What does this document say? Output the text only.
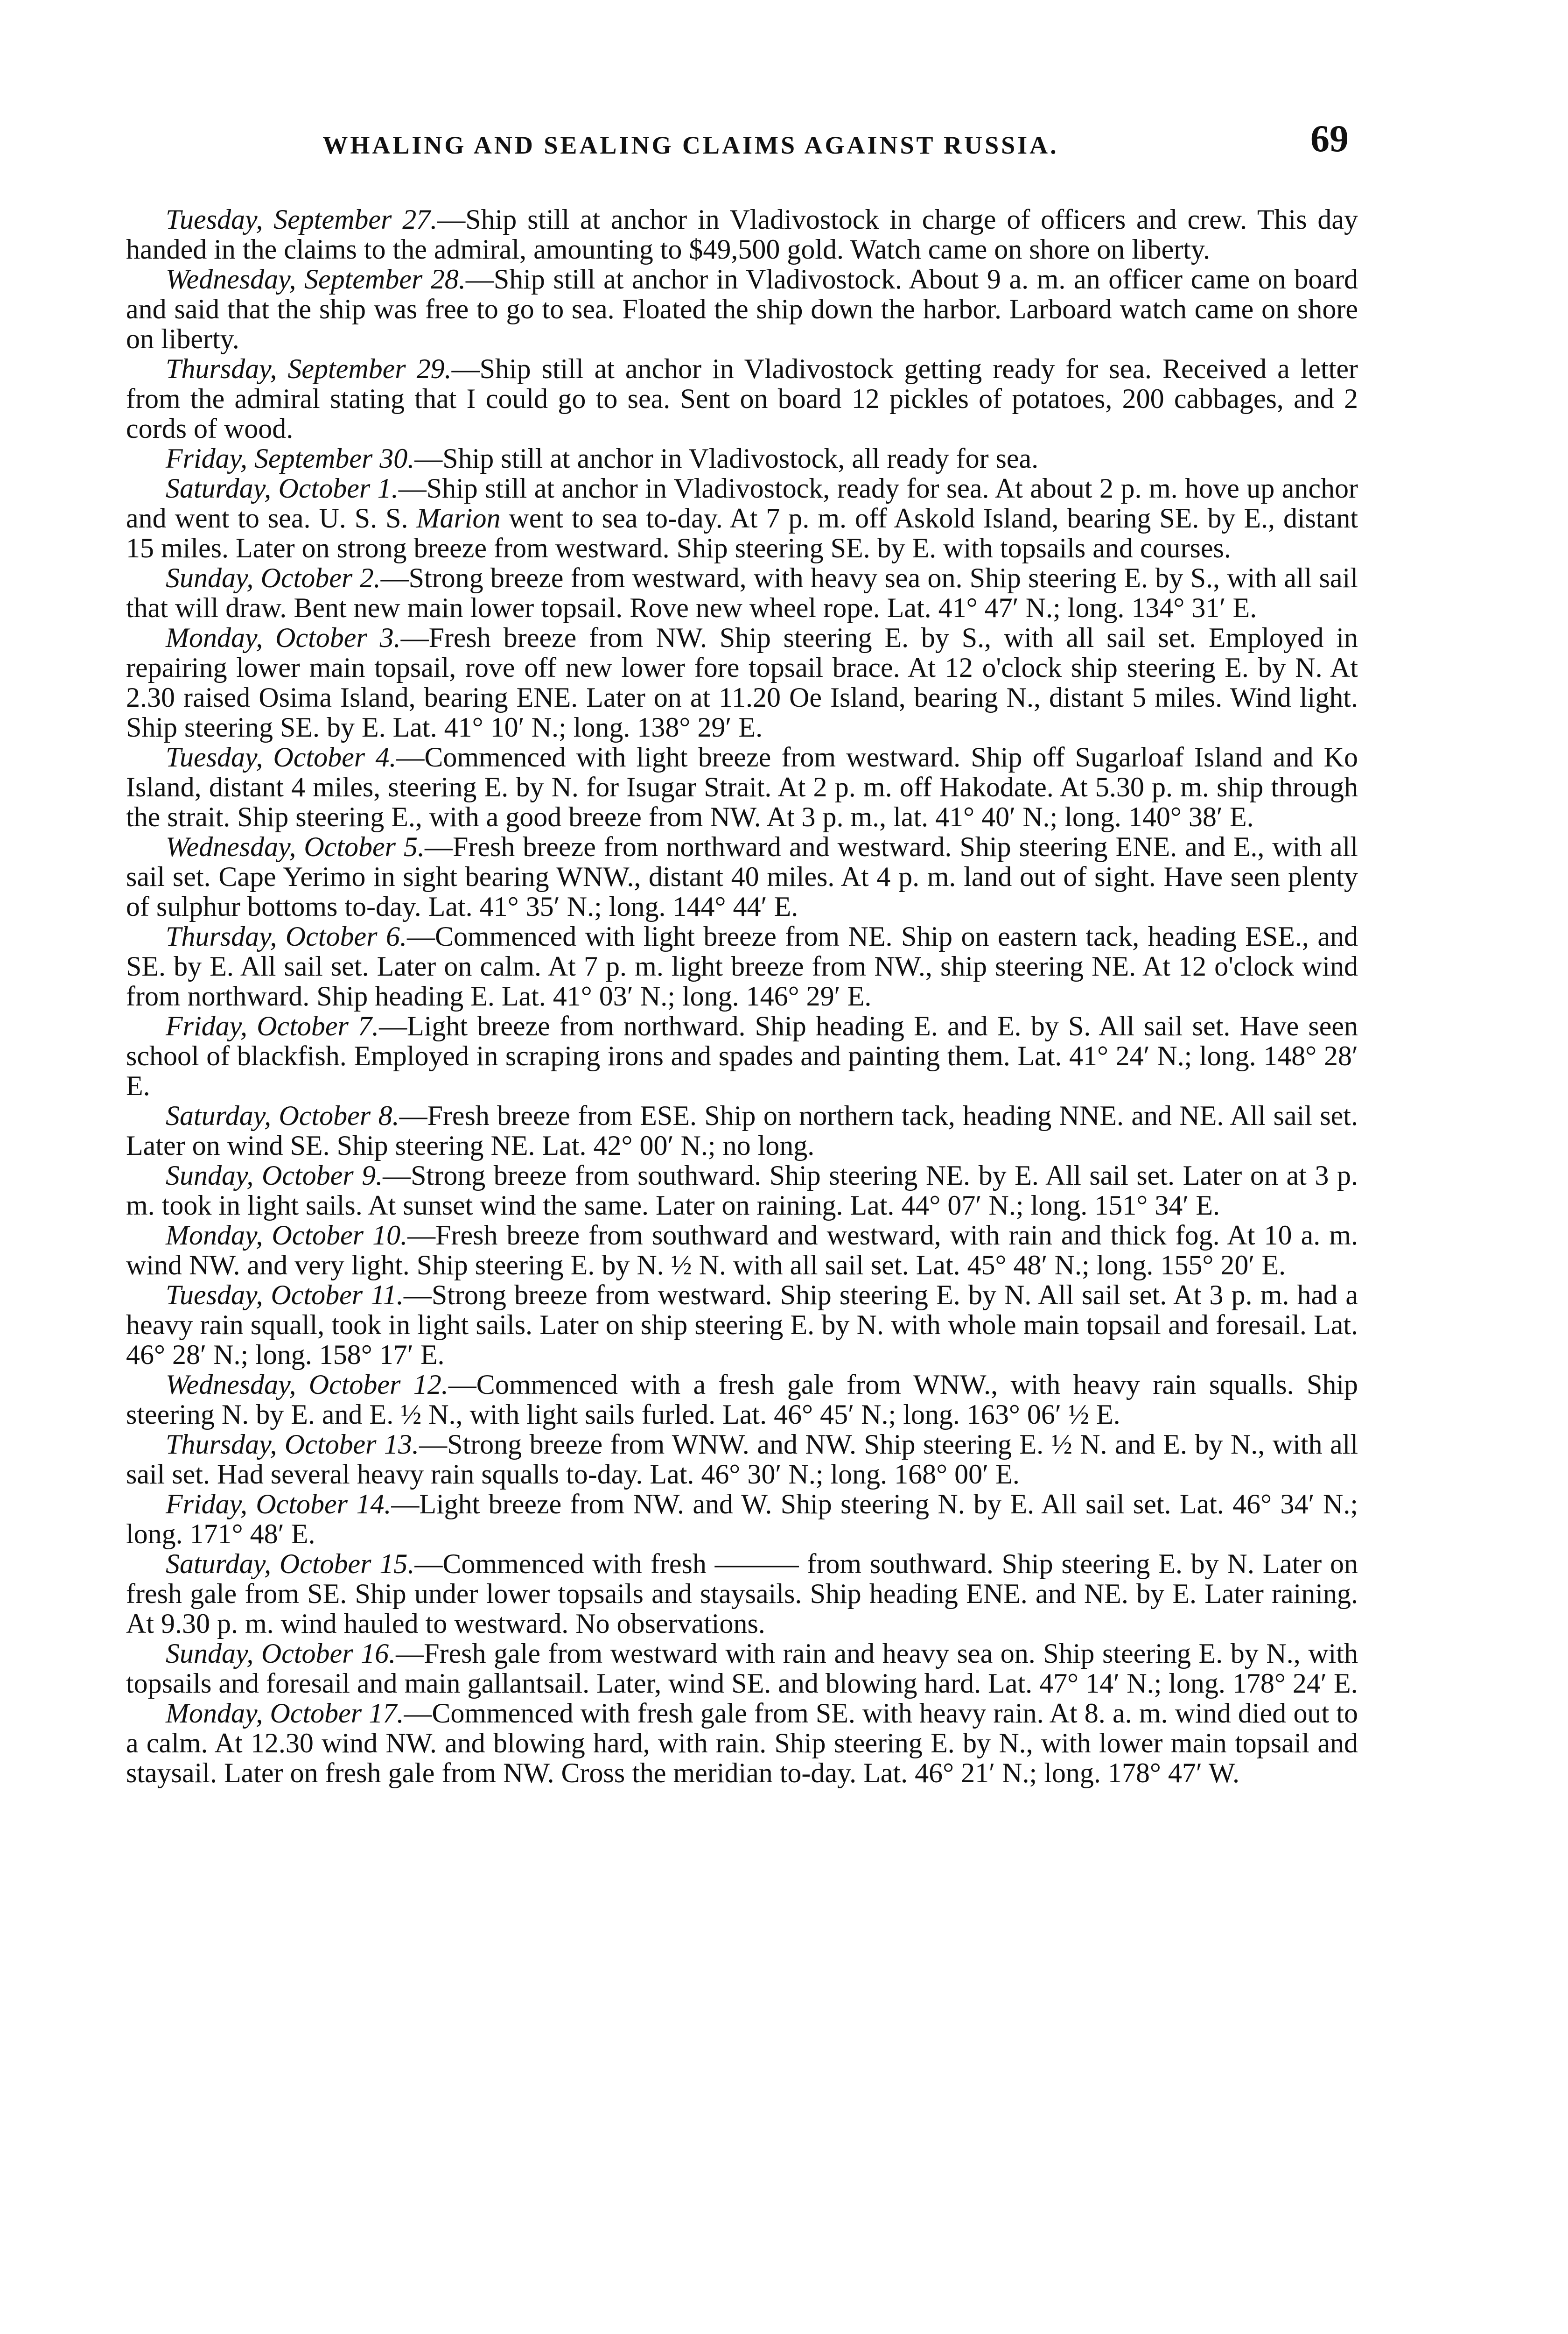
WHALING AND SEALING CLAIMS AGAINST RUSSIA.	69

Tuesday, September 27.—Ship still at anchor in Vladivostock in charge of officers and crew. This day handed in the claims to the admiral, amounting to $49,500 gold. Watch came on shore on liberty.

Wednesday, September 28.—Ship still at anchor in Vladivostock. About 9 a. m. an officer came on board and said that the ship was free to go to sea. Floated the ship down the harbor. Larboard watch came on shore on liberty.

Thursday, September 29.—Ship still at anchor in Vladivostock getting ready for sea. Received a letter from the admiral stating that I could go to sea. Sent on board 12 pickles of potatoes, 200 cabbages, and 2 cords of wood.

Friday, September 30.—Ship still at anchor in Vladivostock, all ready for sea.

Saturday, October 1.—Ship still at anchor in Vladivostock, ready for sea. At about 2 p. m. hove up anchor and went to sea. U. S. S. Marion went to sea to-day. At 7 p. m. off Askold Island, bearing SE. by E., distant 15 miles. Later on strong breeze from westward. Ship steering SE. by E. with topsails and courses.

Sunday, October 2.—Strong breeze from westward, with heavy sea on. Ship steering E. by S., with all sail that will draw. Bent new main lower topsail. Rove new wheel rope. Lat. 41° 47′ N.; long. 134° 31′ E.

Monday, October 3.—Fresh breeze from NW. Ship steering E. by S., with all sail set. Employed in repairing lower main topsail, rove off new lower fore topsail brace. At 12 o'clock ship steering E. by N. At 2.30 raised Osima Island, bearing ENE. Later on at 11.20 Oe Island, bearing N., distant 5 miles. Wind light. Ship steering SE. by E. Lat. 41° 10′ N.; long. 138° 29′ E.

Tuesday, October 4.—Commenced with light breeze from westward. Ship off Sugarloaf Island and Ko Island, distant 4 miles, steering E. by N. for Isugar Strait. At 2 p. m. off Hakodate. At 5.30 p. m. ship through the strait. Ship steering E., with a good breeze from NW. At 3 p. m., lat. 41° 40′ N.; long. 140° 38′ E.

Wednesday, October 5.—Fresh breeze from northward and westward. Ship steering ENE. and E., with all sail set. Cape Yerimo in sight bearing WNW., distant 40 miles. At 4 p. m. land out of sight. Have seen plenty of sulphur bottoms to-day. Lat. 41° 35′ N.; long. 144° 44′ E.

Thursday, October 6.—Commenced with light breeze from NE. Ship on eastern tack, heading ESE., and SE. by E. All sail set. Later on calm. At 7 p. m. light breeze from NW., ship steering NE. At 12 o'clock wind from northward. Ship heading E. Lat. 41° 03′ N.; long. 146° 29′ E.

Friday, October 7.—Light breeze from northward. Ship heading E. and E. by S. All sail set. Have seen school of blackfish. Employed in scraping irons and spades and painting them. Lat. 41° 24′ N.; long. 148° 28′ E.

Saturday, October 8.—Fresh breeze from ESE. Ship on northern tack, heading NNE. and NE. All sail set. Later on wind SE. Ship steering NE. Lat. 42° 00′ N.; no long.

Sunday, October 9.—Strong breeze from southward. Ship steering NE. by E. All sail set. Later on at 3 p. m. took in light sails. At sunset wind the same. Later on raining. Lat. 44° 07′ N.; long. 151° 34′ E.

Monday, October 10.—Fresh breeze from southward and westward, with rain and thick fog. At 10 a. m. wind NW. and very light. Ship steering E. by N. ½ N. with all sail set. Lat. 45° 48′ N.; long. 155° 20′ E.

Tuesday, October 11.—Strong breeze from westward. Ship steering E. by N. All sail set. At 3 p. m. had a heavy rain squall, took in light sails. Later on ship steering E. by N. with whole main topsail and foresail. Lat. 46° 28′ N.; long. 158° 17′ E.

Wednesday, October 12.—Commenced with a fresh gale from WNW., with heavy rain squalls. Ship steering N. by E. and E. ½ N., with light sails furled. Lat. 46° 45′ N.; long. 163° 06′ ½ E.

Thursday, October 13.—Strong breeze from WNW. and NW. Ship steering E. ½ N. and E. by N., with all sail set. Had several heavy rain squalls to-day. Lat. 46° 30′ N.; long. 168° 00′ E.

Friday, October 14.—Light breeze from NW. and W. Ship steering N. by E. All sail set. Lat. 46° 34′ N.; long. 171° 48′ E.

Saturday, October 15.—Commenced with fresh ——— from southward. Ship steering E. by N. Later on fresh gale from SE. Ship under lower topsails and staysails. Ship heading ENE. and NE. by E. Later raining. At 9.30 p. m. wind hauled to westward. No observations.

Sunday, October 16.—Fresh gale from westward with rain and heavy sea on. Ship steering E. by N., with topsails and foresail and main gallantsail. Later, wind SE. and blowing hard. Lat. 47° 14′ N.; long. 178° 24′ E.

Monday, October 17.—Commenced with fresh gale from SE. with heavy rain. At 8. a. m. wind died out to a calm. At 12.30 wind NW. and blowing hard, with rain. Ship steering E. by N., with lower main topsail and staysail. Later on fresh gale from NW. Cross the meridian to-day. Lat. 46° 21′ N.; long. 178° 47′ W.
